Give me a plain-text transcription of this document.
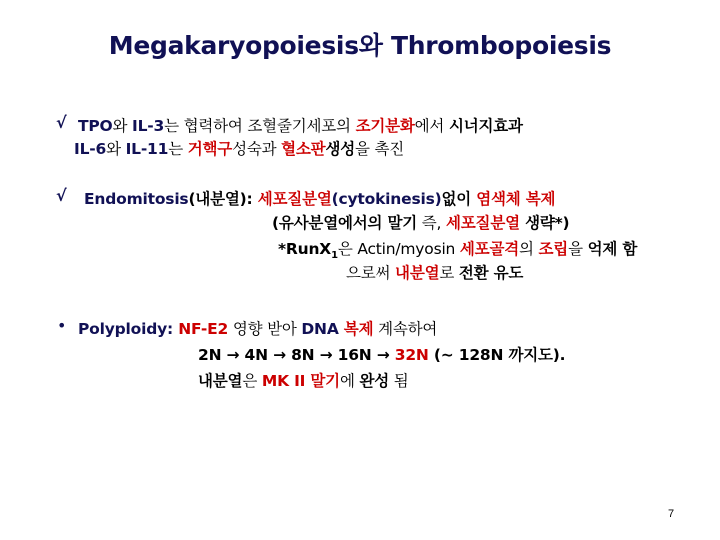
Megakaryopoiesis와 Thrombopoiesis
√ TPO와 IL-3는 협력하여 조혈줄기세포의 조기분화에서 시너지효과
IL-6와 IL-11는 거핵구성숙과 혈소판생성을 촉진
√ Endomitosis(내분열): 세포질분열(cytokinesis)없이 염색체 복제
(유사분열에서의 말기 즉, 세포질분열 생략*)
*RunX$_1$은 Actin/myosin 세포골격의 조립을 억제 함
으로써 내분열로 전환 유도
• Polyploidy: NF-E2 영향 받아 DNA 복제 계속하여
2N → 4N → 8N → 16N → 32N (~ 128N 까지도).
내분열은 MK II 말기에 완성 됨
7
